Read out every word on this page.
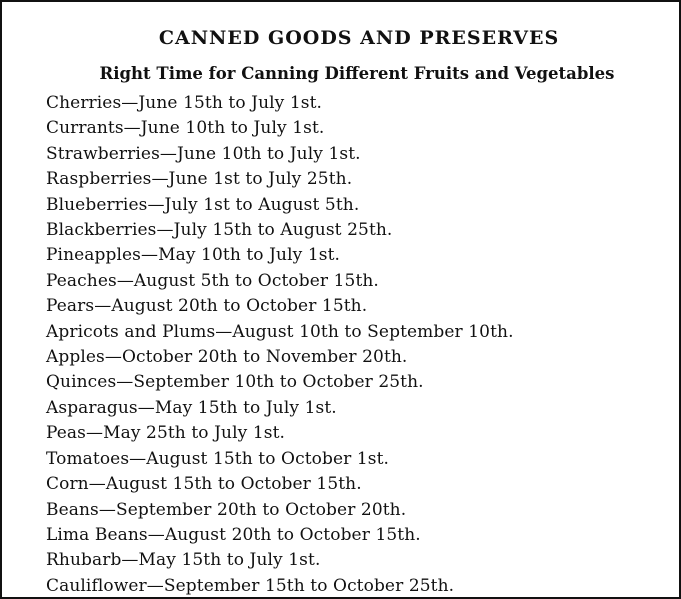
CANNED GOODS AND PRESERVES
Right Time for Canning Different Fruits and Vegetables
Cherries—June 15th to July 1st.
Currants—June 10th to July 1st.
Strawberries—June 10th to July 1st.
Raspberries—June 1st to July 25th.
Blueberries—July 1st to August 5th.
Blackberries—July 15th to August 25th.
Pineapples—May 10th to July 1st.
Peaches—August 5th to October 15th.
Pears—August 20th to October 15th.
Apricots and Plums—August 10th to September 10th.
Apples—October 20th to November 20th.
Quinces—September 10th to October 25th.
Asparagus—May 15th to July 1st.
Peas—May 25th to July 1st.
Tomatoes—August 15th to October 1st.
Corn—August 15th to October 15th.
Beans—September 20th to October 20th.
Lima Beans—August 20th to October 15th.
Rhubarb—May 15th to July 1st.
Cauliflower—September 15th to October 25th.
